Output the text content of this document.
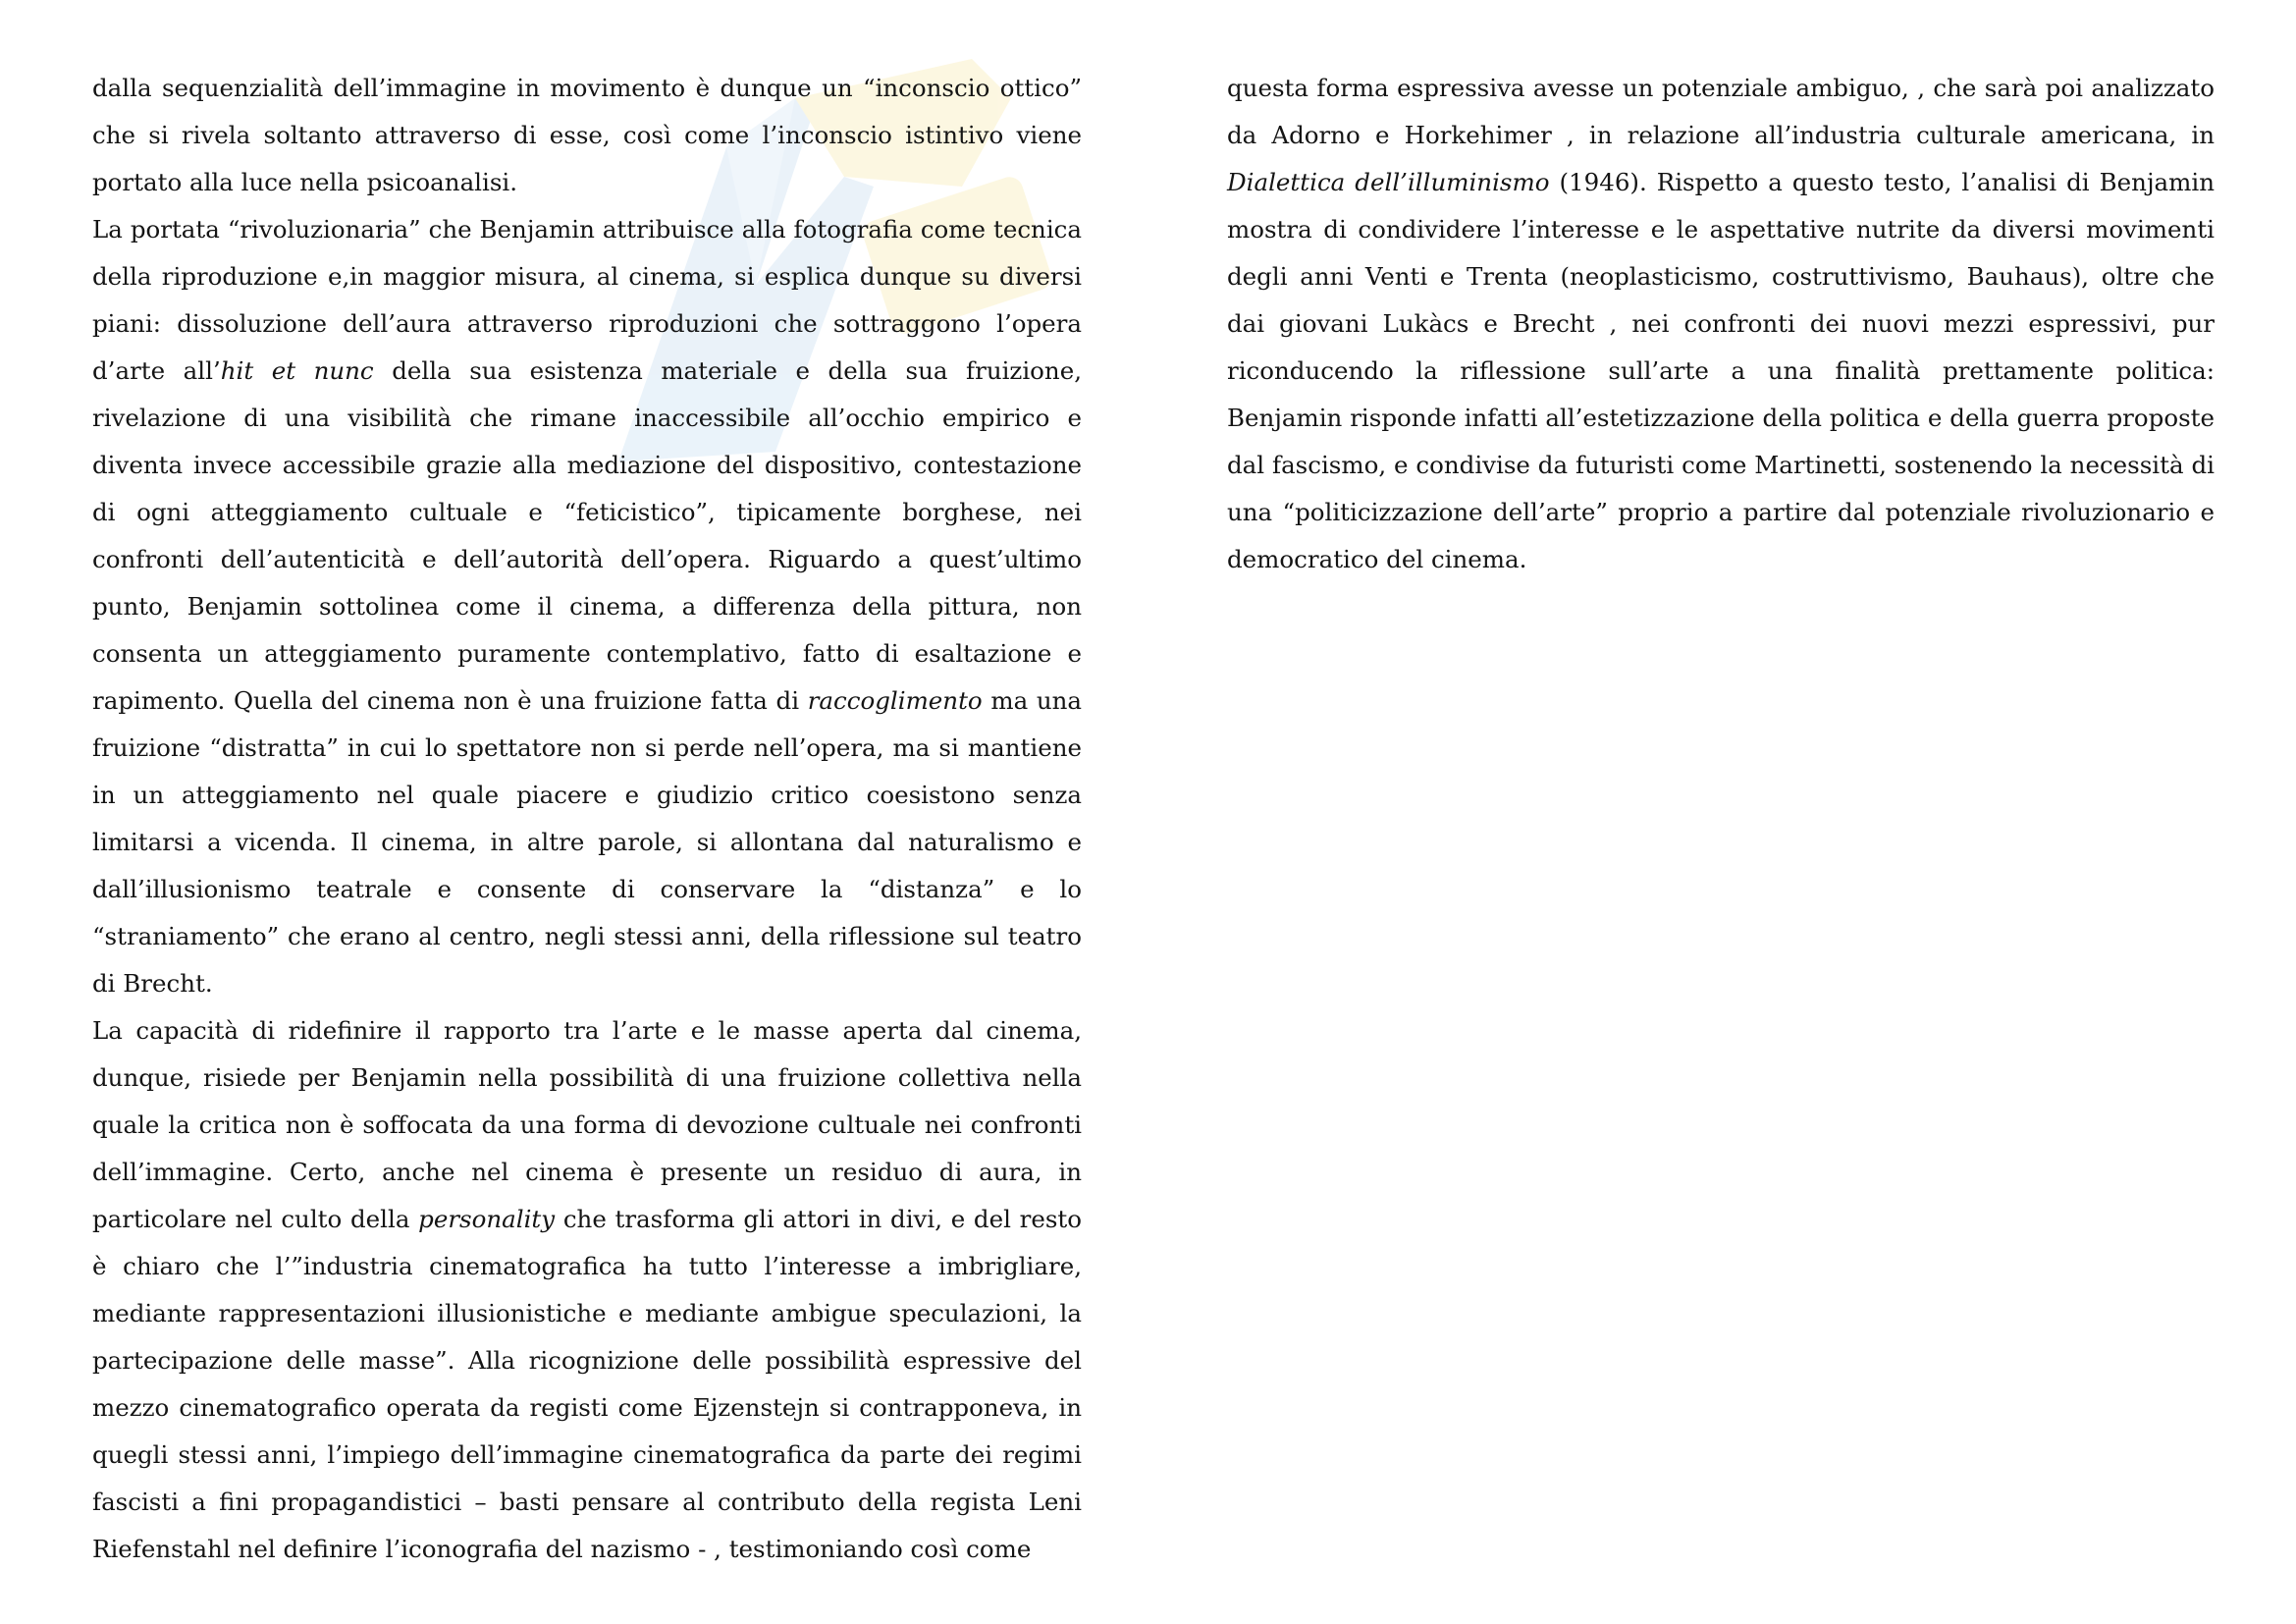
dalla sequenzialità dell’immagine in movimento è dunque un “inconscio ottico” che si rivela soltanto attraverso di esse, così come l’inconscio istintivo viene portato alla luce nella psicoanalisi.

La portata “rivoluzionaria” che Benjamin attribuisce alla fotografia come tecnica della riproduzione e,in maggior misura, al cinema, si esplica dunque su diversi piani: dissoluzione dell’aura attraverso riproduzioni che sottraggono l’opera d’arte all’hit et nunc della sua esistenza materiale e della sua fruizione, rivelazione di una visibilità che rimane inaccessibile all’occhio empirico e diventa invece accessibile grazie alla mediazione del dispositivo, contestazione di ogni atteggiamento cultuale e “feticistico”, tipicamente borghese, nei confronti dell’autenticità e dell’autorità dell’opera. Riguardo a quest’ultimo punto, Benjamin sottolinea come il cinema, a differenza della pittura, non consenta un atteggiamento puramente contemplativo, fatto di esaltazione e rapimento. Quella del cinema non è una fruizione fatta di raccoglimento ma una fruizione “distratta” in cui lo spettatore non si perde nell’opera, ma si mantiene in un atteggiamento nel quale piacere e giudizio critico coesistono senza limitarsi a vicenda. Il cinema, in altre parole, si allontana dal naturalismo e dall’illusionismo teatrale e consente di conservare la “distanza” e lo “straniamento” che erano al centro, negli stessi anni, della riflessione sul teatro di Brecht.

La capacità di ridefinire il rapporto tra l’arte e le masse aperta dal cinema, dunque, risiede per Benjamin nella possibilità di una fruizione collettiva nella quale la critica non è soffocata da una forma di devozione cultuale nei confronti dell’immagine. Certo, anche nel cinema è presente un residuo di aura, in particolare nel culto della personality che trasforma gli attori in divi, e del resto è chiaro che l’”industria cinematografica ha tutto l’interesse a imbrigliare, mediante rappresentazioni illusionistiche e mediante ambigue speculazioni, la partecipazione delle masse”. Alla ricognizione delle possibilità espressive del mezzo cinematografico operata da registi come Ejzenstejn si contrapponeva, in quegli stessi anni, l’impiego dell’immagine cinematografica da parte dei regimi fascisti a fini propagandistici – basti pensare al contributo della regista Leni Riefenstahl nel definire l’iconografia del nazismo - , testimoniando così come

questa forma espressiva avesse un potenziale ambiguo, , che sarà poi analizzato da Adorno e Horkehimer , in relazione all’industria culturale americana, in Dialettica dell’illuminismo (1946). Rispetto a questo testo, l’analisi di Benjamin mostra di condividere l’interesse e le aspettative nutrite da diversi movimenti degli anni Venti e Trenta (neoplasticismo, costruttivismo, Bauhaus), oltre che dai giovani Lukàcs e Brecht , nei confronti dei nuovi mezzi espressivi, pur riconducendo la riflessione sull’arte a una finalità prettamente politica: Benjamin risponde infatti all’estetizzazione della politica e della guerra proposte dal fascismo, e condivise da futuristi come Martinetti, sostenendo la necessità di una “politicizzazione dell’arte” proprio a partire dal potenziale rivoluzionario e democratico del cinema.
